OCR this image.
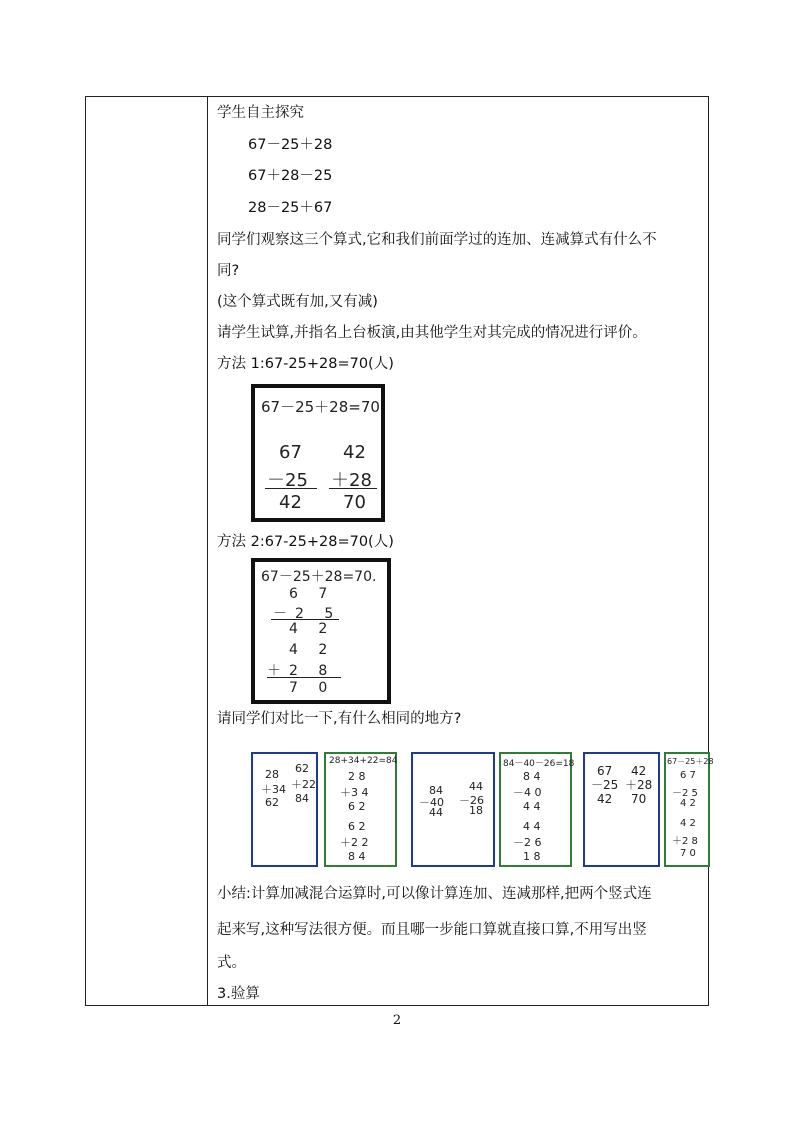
学生自主探究
67－25＋28
67＋28－25
28－25＋67
同学们观察这三个算式,它和我们前面学过的连加、连减算式有什么不
同?
(这个算式既有加,又有减)
请学生试算,并指名上台板演,由其他学生对其完成的情况进行评价。
方法 1:67-25+28=70(人)
67－25＋28=70
67
－25
42
42
＋28
70
方法 2:67-25+28=70(人)
67－25＋28=70.
6 7
－2 5
4 2
4 2
＋2 8
7 0
请同学们对比一下,有什么相同的地方?
28
＋34
62
62
＋22
84
28+34+22=84
2 8
＋3 4
6 2
6 2
＋2 2
8 4
84
－40
44
44
－26
18
84－40－26=18
8 4
－4 0
4 4
4 4
－2 6
1 8
67
－25
42
42
＋28
70
67－25＋28
6 7
－2 5
4 2
4 2
＋2 8
7 0
小结:计算加减混合运算时,可以像计算连加、连减那样,把两个竖式连
起来写,这种写法很方便。而且哪一步能口算就直接口算,不用写出竖
式。
3.验算
2
